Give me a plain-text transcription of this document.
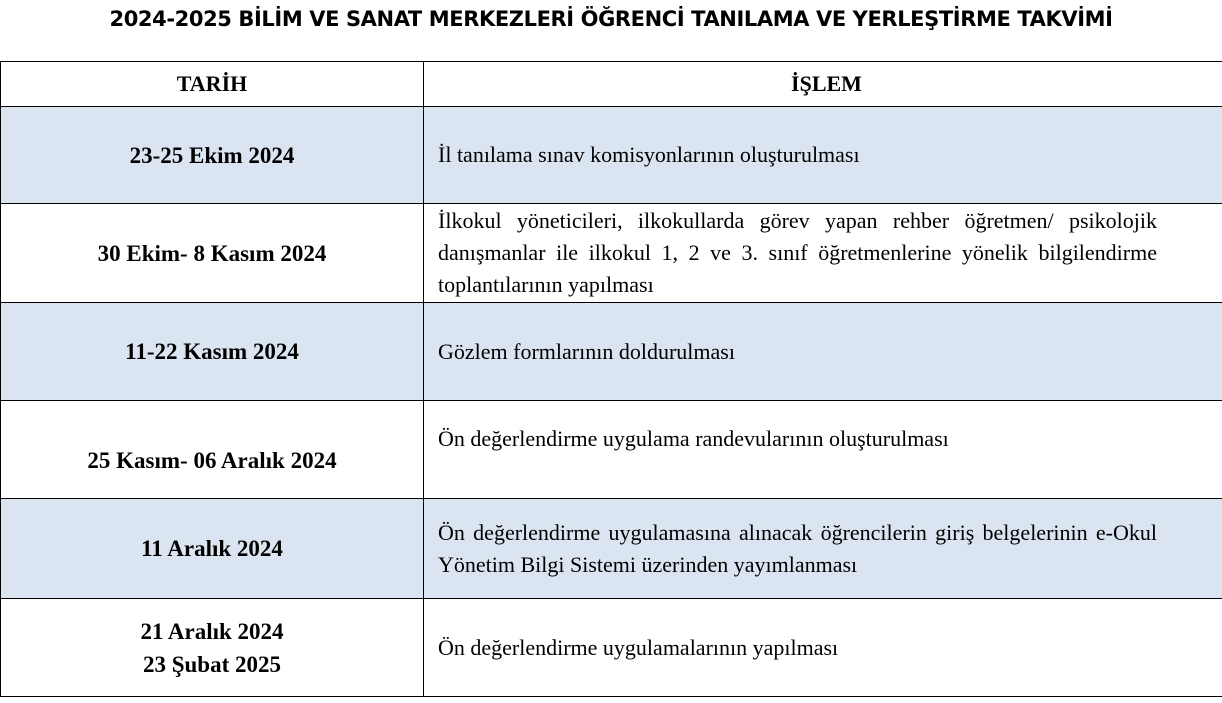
2024-2025 BİLİM VE SANAT MERKEZLERİ ÖĞRENCİ TANILAMA VE YERLEŞTİRME TAKVİMİ
TARİH	İŞLEM

23-25 Ekim 2024	İl tanılama sınav komisyonlarının oluşturulması

30 Ekim- 8 Kasım 2024	İlkokul yöneticileri, ilkokullarda görev yapan rehber öğretmen/ psikolojik danışmanlar ile ilkokul 1, 2 ve 3. sınıf öğretmenlerine yönelik bilgilendirme toplantılarının yapılması

11-22 Kasım 2024	Gözlem formlarının doldurulması

25 Kasım- 06 Aralık 2024	Ön değerlendirme uygulama randevularının oluşturulması

11 Aralık 2024	Ön değerlendirme uygulamasına alınacak öğrencilerin giriş belgelerinin e-Okul Yönetim Bilgi Sistemi üzerinden yayımlanması

21 Aralık 2024
23 Şubat 2025	Ön değerlendirme uygulamalarının yapılması
